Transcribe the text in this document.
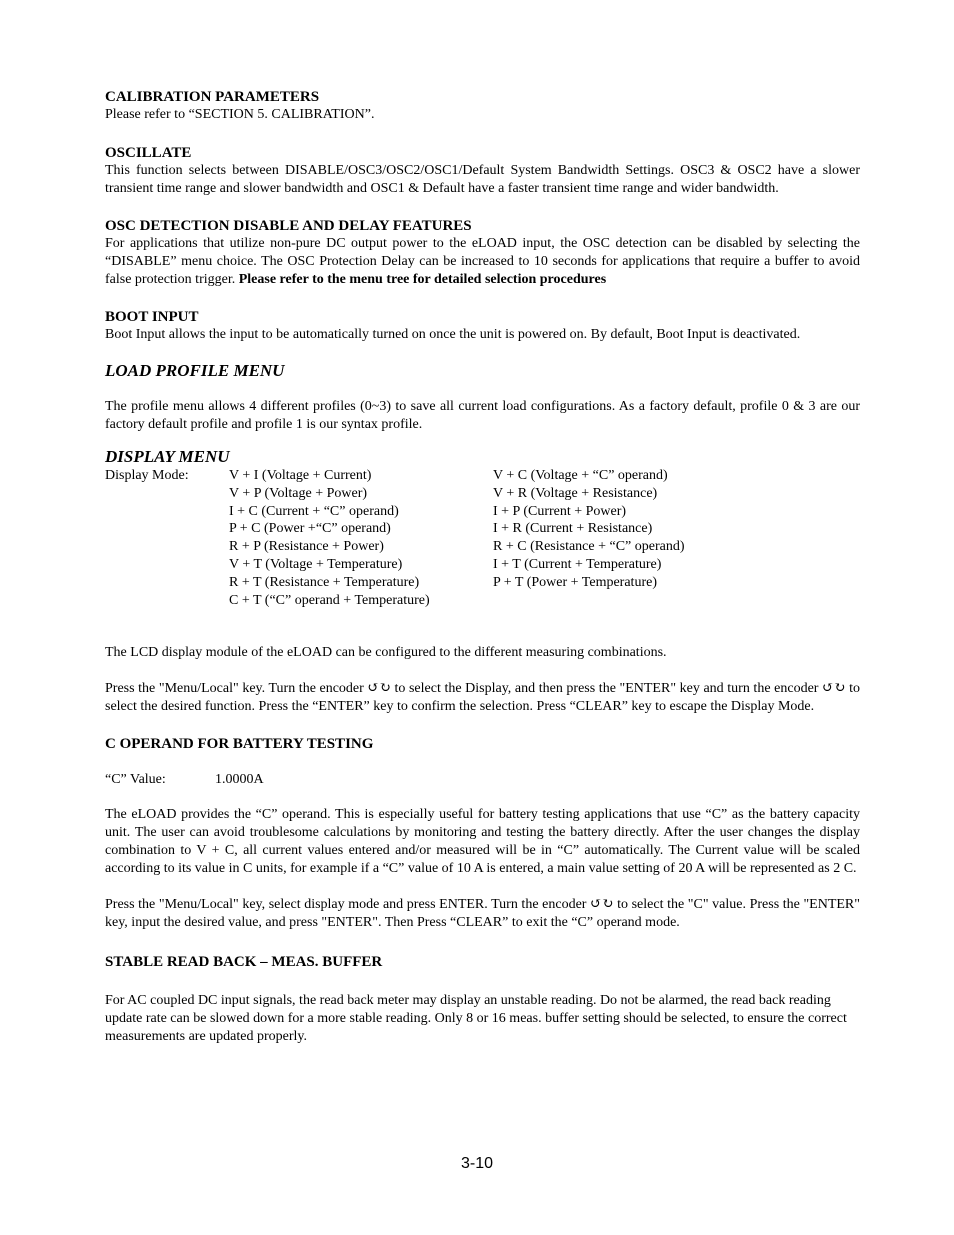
CALIBRATION PARAMETERS

Please refer to “SECTION 5. CALIBRATION”.

OSCILLATE

This function selects between DISABLE/OSC3/OSC2/OSC1/Default System Bandwidth Settings. OSC3 & OSC2 have a slower transient time range and slower bandwidth and OSC1 & Default have a faster transient time range and wider bandwidth.

OSC DETECTION DISABLE AND DELAY FEATURES

For applications that utilize non-pure DC output power to the eLOAD input, the OSC detection can be disabled by selecting the “DISABLE” menu choice. The OSC Protection Delay can be increased to 10 seconds for applications that require a buffer to avoid false protection trigger. Please refer to the menu tree for detailed selection procedures

BOOT INPUT

Boot Input allows the input to be automatically turned on once the unit is powered on. By default, Boot Input is deactivated.

LOAD PROFILE MENU

The profile menu allows 4 different profiles (0~3) to save all current load configurations. As a factory default, profile 0 & 3 are our factory default profile and profile 1 is our syntax profile.

DISPLAY MENU
Display Mode:	V + I (Voltage + Current)
V + P (Voltage + Power)
I + C (Current + “C” operand)
P + C (Power +“C” operand)
R + P (Resistance + Power)
V + T (Voltage + Temperature)
R + T (Resistance + Temperature)
C + T (“C” operand + Temperature)
V + C (Voltage + “C” operand)
V + R (Voltage + Resistance)
I + P (Current + Power)
I + R (Current + Resistance)
R + C (Resistance + “C” operand)
I + T (Current + Temperature)
P + T (Power + Temperature)

The LCD display module of the eLOAD can be configured to the different measuring combinations.

Press the "Menu/Local" key. Turn the encoder ↺↻ to select the Display, and then press the "ENTER" key and turn the encoder ↺↻ to select the desired function. Press the “ENTER” key to confirm the selection. Press “CLEAR” key to escape the Display Mode.

C OPERAND FOR BATTERY TESTING

“C” Value:	1.0000A

The eLOAD provides the “C” operand. This is especially useful for battery testing applications that use “C” as the battery capacity unit. The user can avoid troublesome calculations by monitoring and testing the battery directly. After the user changes the display combination to V + C, all current values entered and/or measured will be in “C” automatically. The Current value will be scaled according to its value in C units, for example if a “C” value of 10 A is entered, a main value setting of 20 A will be represented as 2 C.

Press the "Menu/Local" key, select display mode and press ENTER. Turn the encoder ↺↻ to select the "C" value. Press the "ENTER" key, input the desired value, and press "ENTER". Then Press “CLEAR” to exit the “C” operand mode.

STABLE READ BACK – MEAS. BUFFER

For AC coupled DC input signals, the read back meter may display an unstable reading. Do not be alarmed, the read back reading update rate can be slowed down for a more stable reading. Only 8 or 16 meas. buffer setting should be selected, to ensure the correct measurements are updated properly.

3-10
